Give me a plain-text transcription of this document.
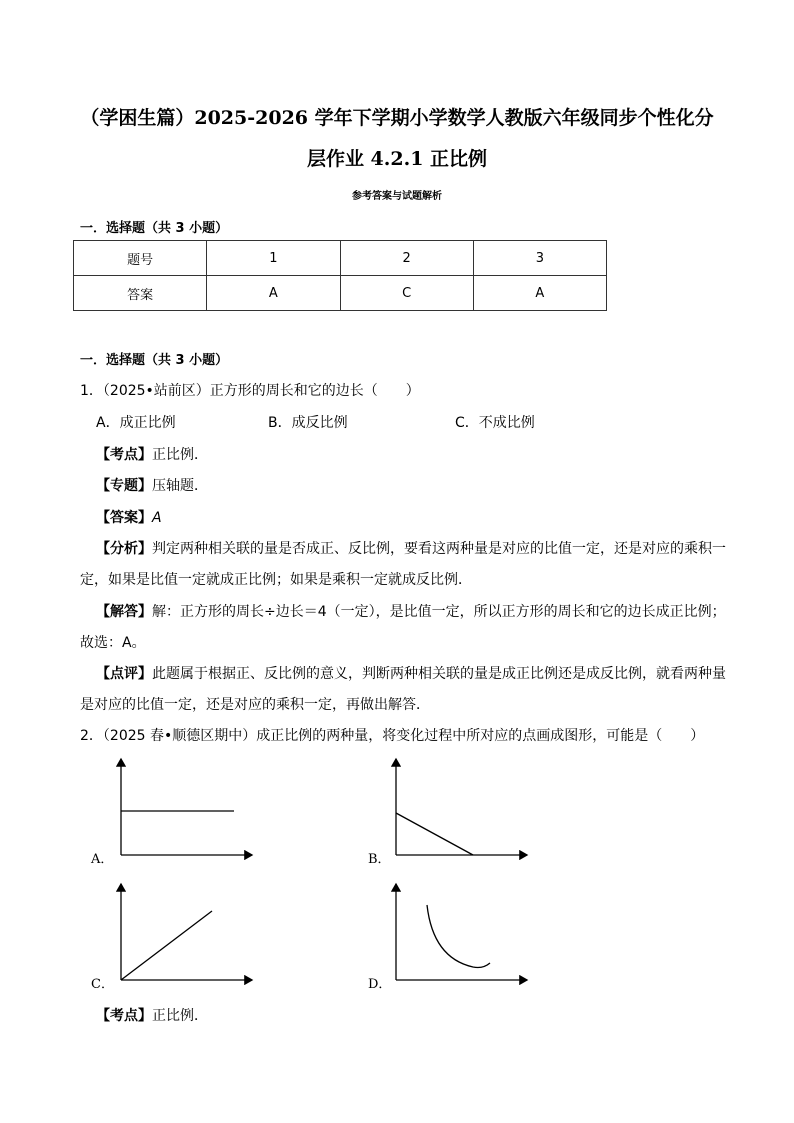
（学困生篇）2025-2026 学年下学期小学数学人教版六年级同步个性化分
层作业 4.2.1 正比例
参考答案与试题解析
一．选择题（共 3 小题）
题号	1	2	3
答案	A	C	A
一．选择题（共 3 小题）
1．（2025•站前区）正方形的周长和它的边长（　　）
A．成正比例	B．成反比例	C．不成比例
【考点】正比例．
【专题】压轴题．
【答案】A
【分析】判定两种相关联的量是否成正、反比例，要看这两种量是对应的比值一定，还是对应的乘积一
定，如果是比值一定就成正比例；如果是乘积一定就成反比例．
【解答】解：正方形的周长÷边长＝4（一定），是比值一定，所以正方形的周长和它的边长成正比例；
故选：A。
【点评】此题属于根据正、反比例的意义，判断两种相关联的量是成正比例还是成反比例，就看两种量
是对应的比值一定，还是对应的乘积一定，再做出解答．
2．（2025 春•顺德区期中）成正比例的两种量，将变化过程中所对应的点画成图形，可能是（　　）
A．	B．
C．	D．
【考点】正比例．
